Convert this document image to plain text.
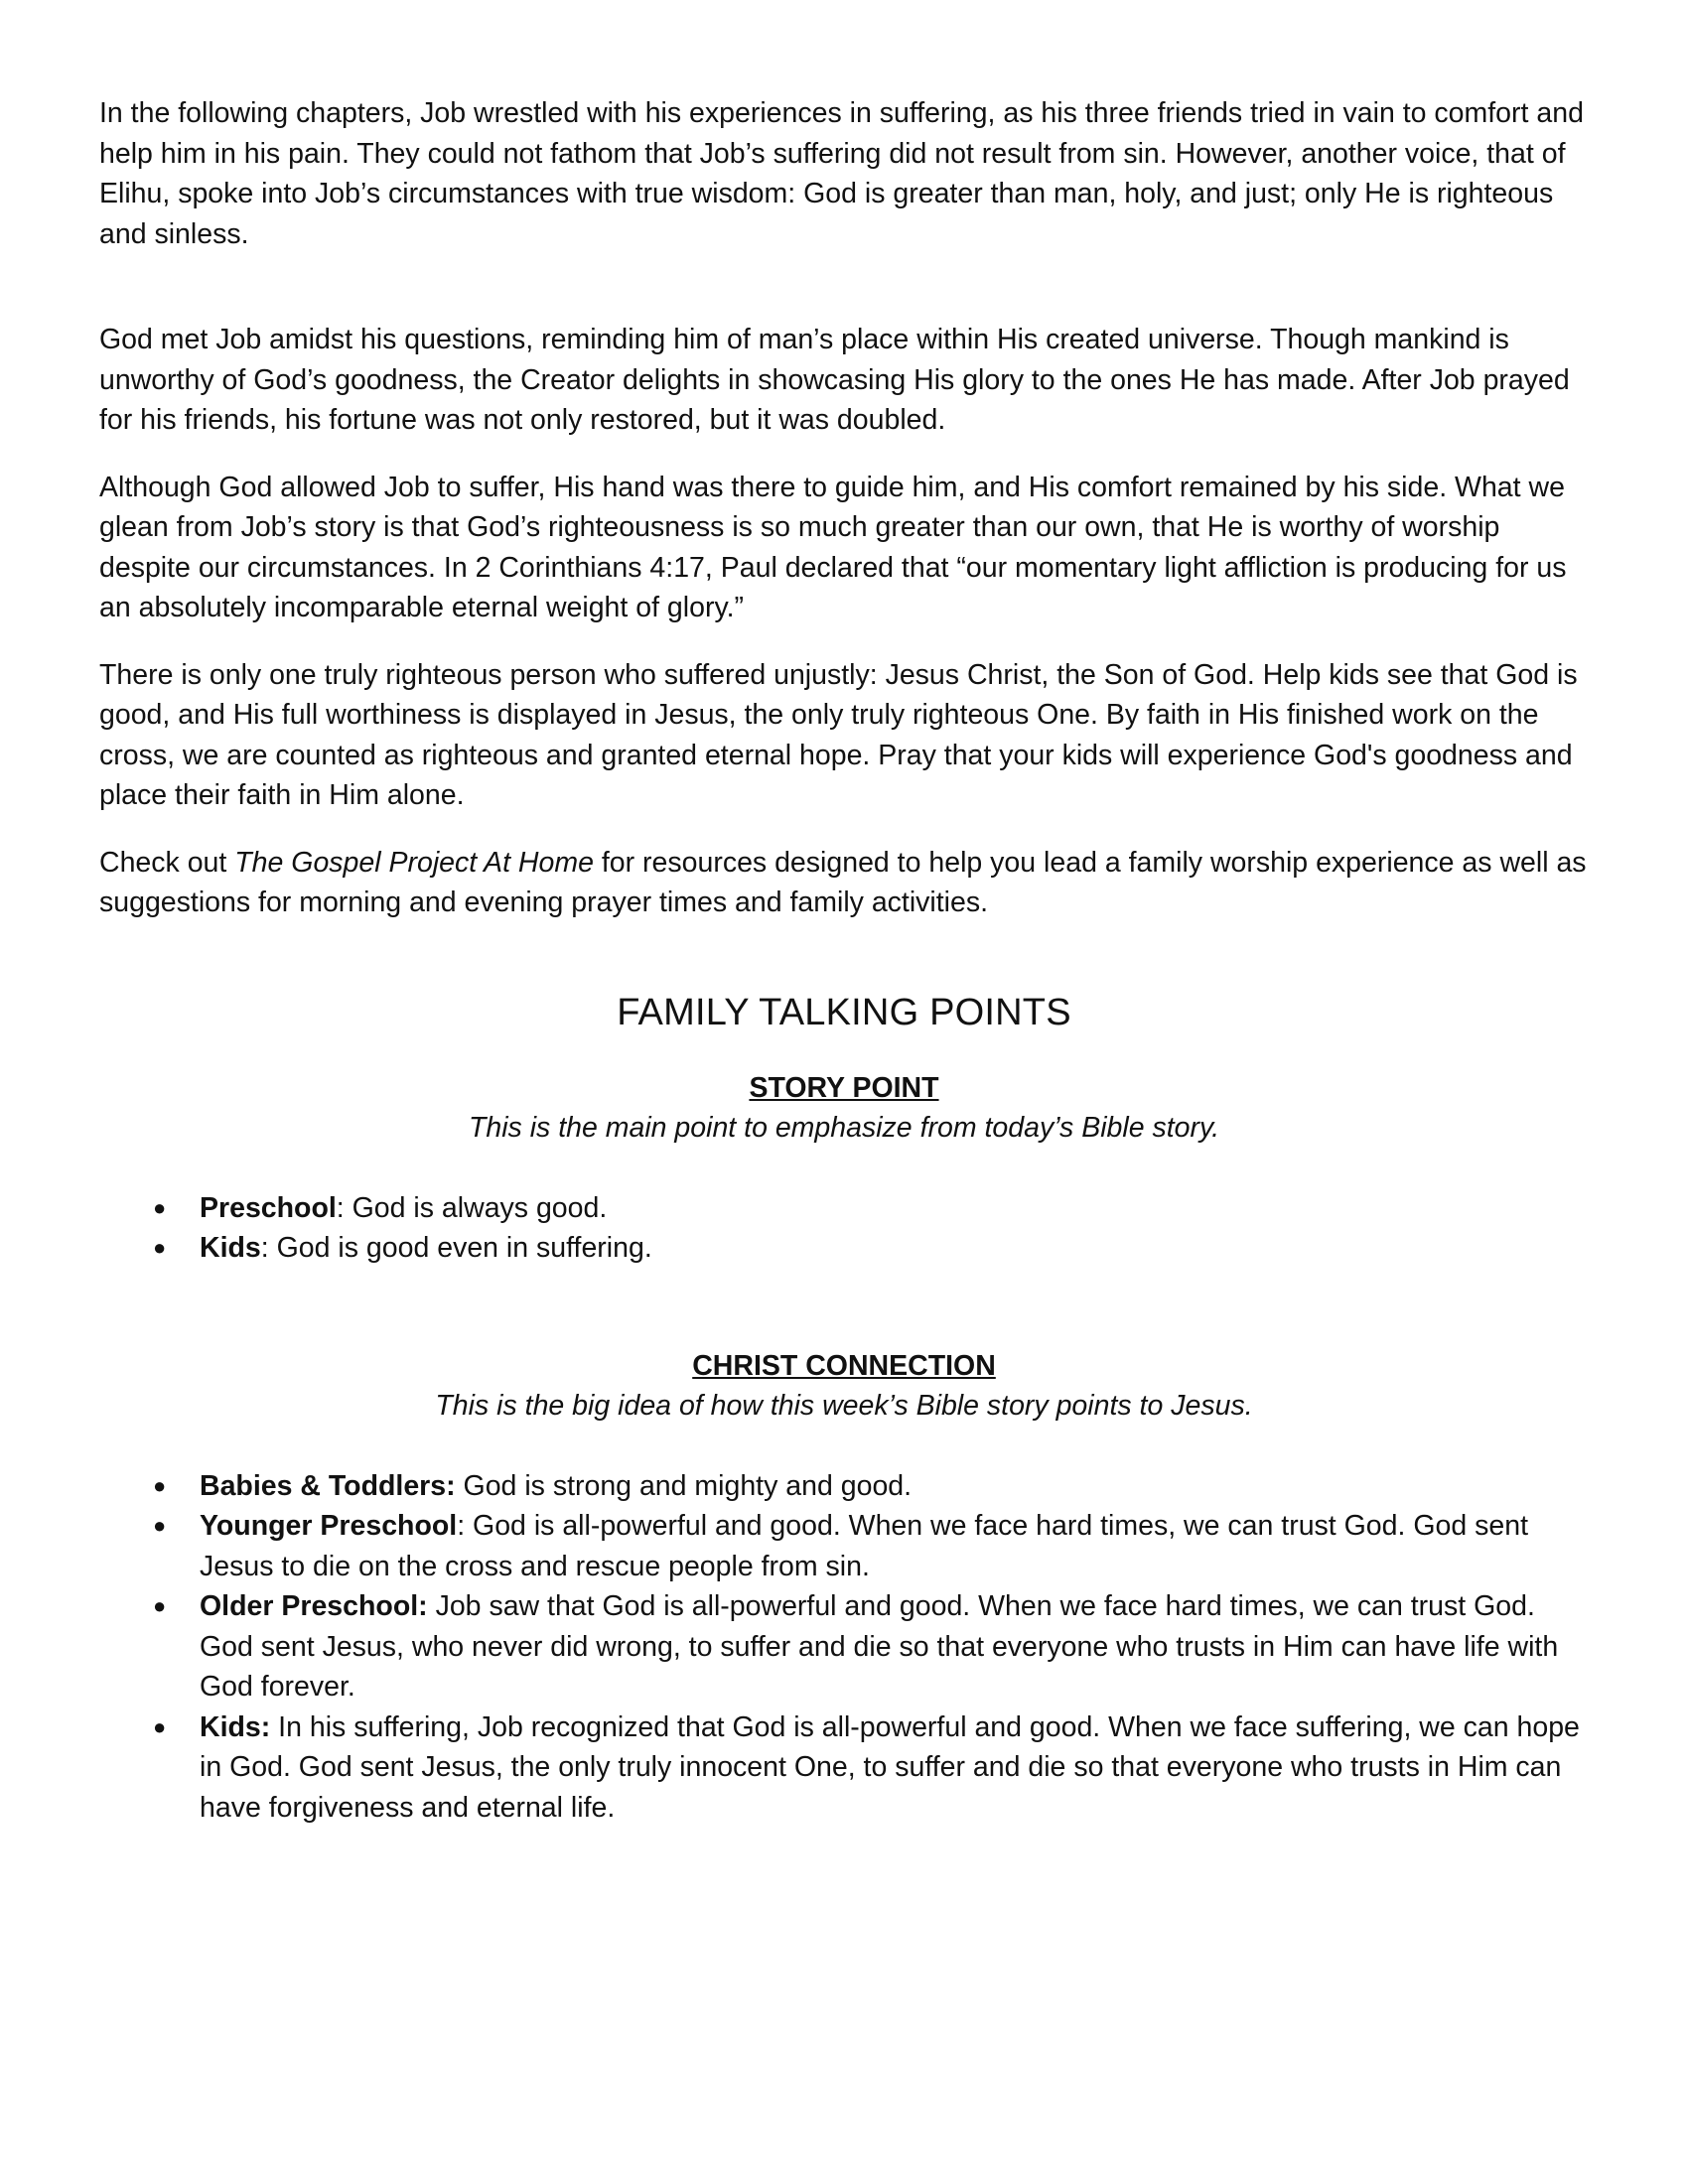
In the following chapters, Job wrestled with his experiences in suffering, as his three friends tried in vain to comfort and help him in his pain. They could not fathom that Job’s suffering did not result from sin. However, another voice, that of Elihu, spoke into Job’s circumstances with true wisdom: God is greater than man, holy, and just; only He is righteous and sinless.

God met Job amidst his questions, reminding him of man’s place within His created universe. Though mankind is unworthy of God’s goodness, the Creator delights in showcasing His glory to the ones He has made. After Job prayed for his friends, his fortune was not only restored, but it was doubled.

Although God allowed Job to suffer, His hand was there to guide him, and His comfort remained by his side. What we glean from Job’s story is that God’s righteousness is so much greater than our own, that He is worthy of worship despite our circumstances. In 2 Corinthians 4:17, Paul declared that “our momentary light affliction is producing for us an absolutely incomparable eternal weight of glory.”

There is only one truly righteous person who suffered unjustly: Jesus Christ, the Son of God. Help kids see that God is good, and His full worthiness is displayed in Jesus, the only truly righteous One. By faith in His finished work on the cross, we are counted as righteous and granted eternal hope. Pray that your kids will experience God's goodness and place their faith in Him alone.

Check out The Gospel Project At Home for resources designed to help you lead a family worship experience as well as suggestions for morning and evening prayer times and family activities.

FAMILY TALKING POINTS

STORY POINT

This is the main point to emphasize from today’s Bible story.

● Preschool: God is always good.
● Kids: God is good even in suffering.

CHRIST CONNECTION

This is the big idea of how this week’s Bible story points to Jesus.

● Babies & Toddlers: God is strong and mighty and good.
● Younger Preschool: God is all-powerful and good. When we face hard times, we can trust God. God sent Jesus to die on the cross and rescue people from sin.
● Older Preschool: Job saw that God is all-powerful and good. When we face hard times, we can trust God. God sent Jesus, who never did wrong, to suffer and die so that everyone who trusts in Him can have life with God forever.
● Kids: In his suffering, Job recognized that God is all-powerful and good. When we face suffering, we can hope in God. God sent Jesus, the only truly innocent One, to suffer and die so that everyone who trusts in Him can have forgiveness and eternal life.
